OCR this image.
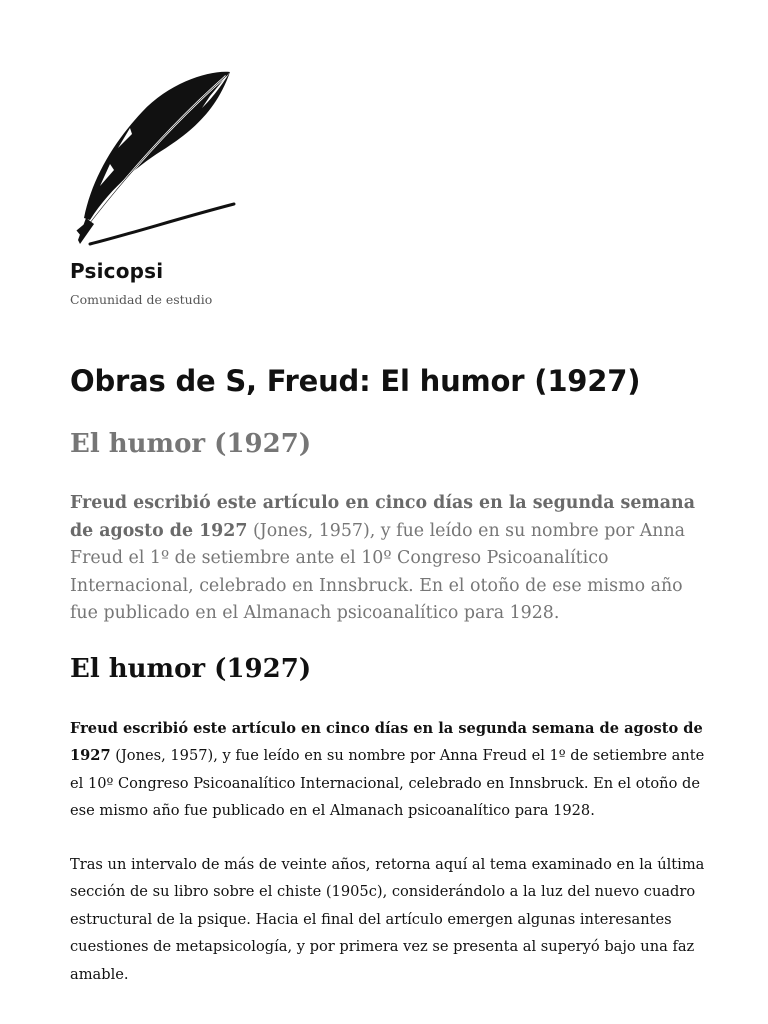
Psicopsi

Comunidad de estudio

Obras de S, Freud: El humor (1927)
El humor (1927)

Freud escribió este artículo en cinco días en la segunda semana de agosto de 1927 (Jones, 1957), y fue leído en su nombre por Anna Freud el 1º de setiembre ante el 10º Congreso Psicoanalítico Internacional, celebrado en Innsbruck. En el otoño de ese mismo año fue publicado en el Almanach psicoanalítico para 1928.

El humor (1927)

Freud escribió este artículo en cinco días en la segunda semana de agosto de 1927 (Jones, 1957), y fue leído en su nombre por Anna Freud el 1º de setiembre ante el 10º Congreso Psicoanalítico Internacional, celebrado en Innsbruck. En el otoño de ese mismo año fue publicado en el Almanach psicoanalítico para 1928.

Tras un intervalo de más de veinte años, retorna aquí al tema examinado en la última sección de su libro sobre el chiste (1905c), considerándolo a la luz del nuevo cuadro estructural de la psique. Hacia el final del artículo emergen algunas interesantes cuestiones de metapsicología, y por primera vez se presenta al superyó bajo una faz amable.
